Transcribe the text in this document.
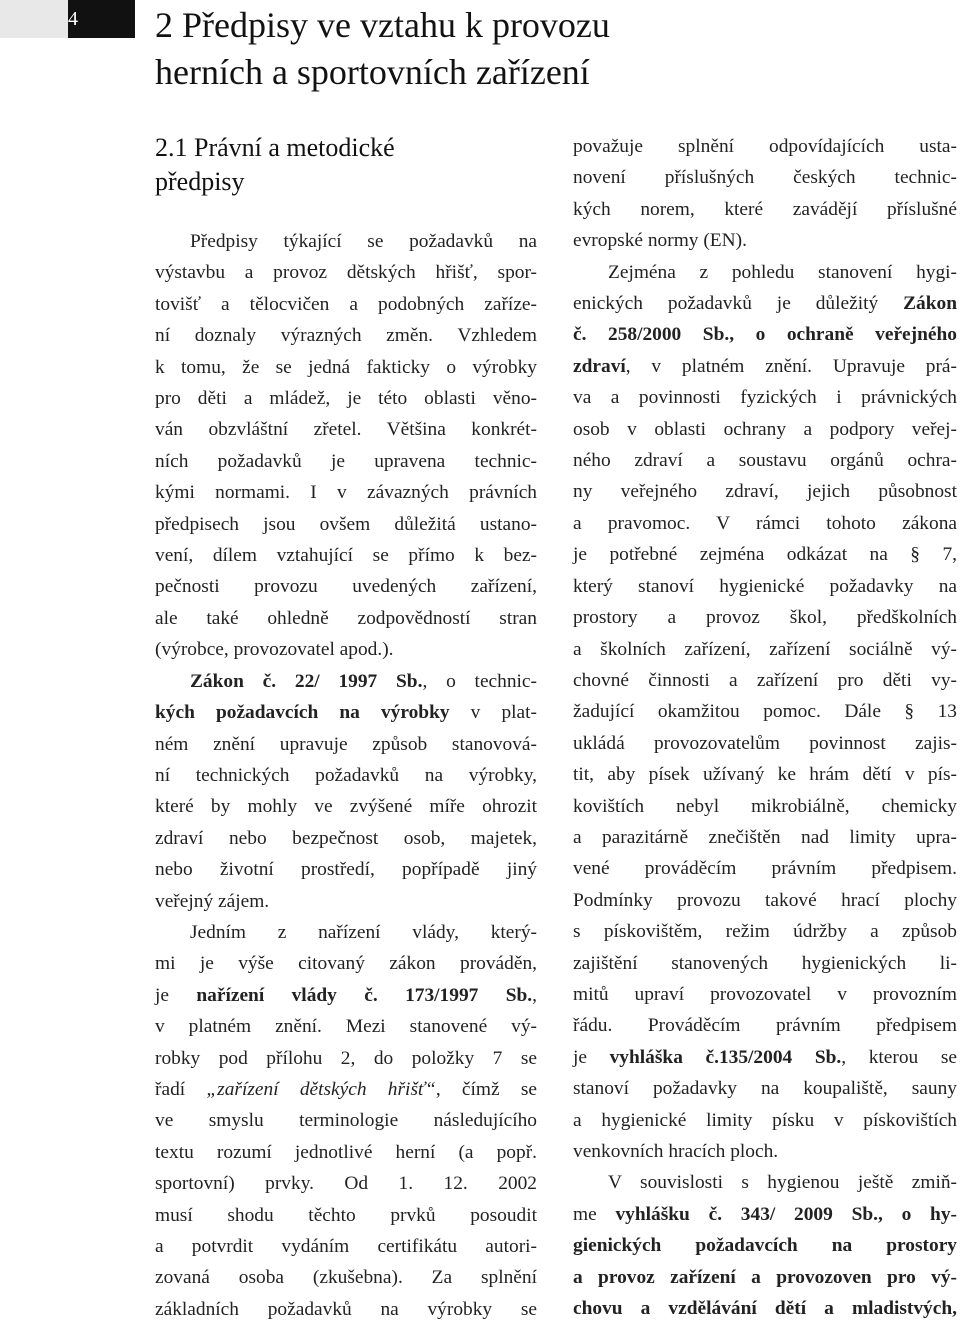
4 2 Předpisy ve vztahu k provozu
herních a sportovních zařízení
2.1 Právní a metodické
předpisy

Předpisy týkající se požadavků na
výstavbu a provoz dětských hřišť, spor-
tovišť a tělocvičen a podobných zaříze-
ní doznaly výrazných změn. Vzhledem
k tomu, že se jedná fakticky o výrobky
pro děti a mládež, je této oblasti věno-
ván obzvláštní zřetel. Většina konkrét-
ních požadavků je upravena technic-
kými normami. I v závazných právních
předpisech jsou ovšem důležitá ustano-
vení, dílem vztahující se přímo k bez-
pečnosti provozu uvedených zařízení,
ale také ohledně zodpovědností stran
(výrobce, provozovatel apod.).

Zákon č. 22/ 1997 Sb., o technic-
kých požadavcích na výrobky v plat-
ném znění upravuje způsob stanovová-
ní technických požadavků na výrobky,
které by mohly ve zvýšené míře ohrozit
zdraví nebo bezpečnost osob, majetek,
nebo životní prostředí, popřípadě jiný
veřejný zájem.

Jedním z nařízení vlády, který-
mi je výše citovaný zákon prováděn,
je nařízení vlády č. 173/1997 Sb.,
v platném znění. Mezi stanovené vý-
robky pod přílohu 2, do položky 7 se
řadí „zařízení dětských hřišť“, čímž se
ve smyslu terminologie následujícího
textu rozumí jednotlivé herní (a popř.
sportovní) prvky. Od 1. 12. 2002
musí shodu těchto prvků posoudit
a potvrdit vydáním certifikátu autori-
zovaná osoba (zkušebna). Za splnění
základních požadavků na výrobky se

považuje splnění odpovídajících usta-
novení příslušných českých technic-
kých norem, které zavádějí příslušné
evropské normy (EN).

Zejména z pohledu stanovení hygi-
enických požadavků je důležitý Zákon
č. 258/2000 Sb., o ochraně veřejného
zdraví, v platném znění. Upravuje prá-
va a povinnosti fyzických i právnických
osob v oblasti ochrany a podpory veřej-
ného zdraví a soustavu orgánů ochra-
ny veřejného zdraví, jejich působnost
a pravomoc. V rámci tohoto zákona
je potřebné zejména odkázat na § 7,
který stanoví hygienické požadavky na
prostory a provoz škol, předškolních
a školních zařízení, zařízení sociálně vý-
chovné činnosti a zařízení pro děti vy-
žadující okamžitou pomoc. Dále § 13
ukládá provozovatelům povinnost zajis-
tit, aby písek užívaný ke hrám dětí v pís-
kovištích nebyl mikrobiálně, chemicky
a parazitárně znečištěn nad limity upra-
vené prováděcím právním předpisem.
Podmínky provozu takové hrací plochy
s pískovištěm, režim údržby a způsob
zajištění stanovených hygienických li-
mitů upraví provozovatel v provozním
řádu. Prováděcím právním předpisem
je vyhláška č.135/2004 Sb., kterou se
stanoví požadavky na koupaliště, sauny
a hygienické limity písku v pískovištích
venkovních hracích ploch.

V souvislosti s hygienou ještě zmiň-
me vyhlášku č. 343/ 2009 Sb., o hy-
gienických požadavcích na prostory
a provoz zařízení a provozoven pro vý-
chovu a vzdělávání dětí a mladistvých,
